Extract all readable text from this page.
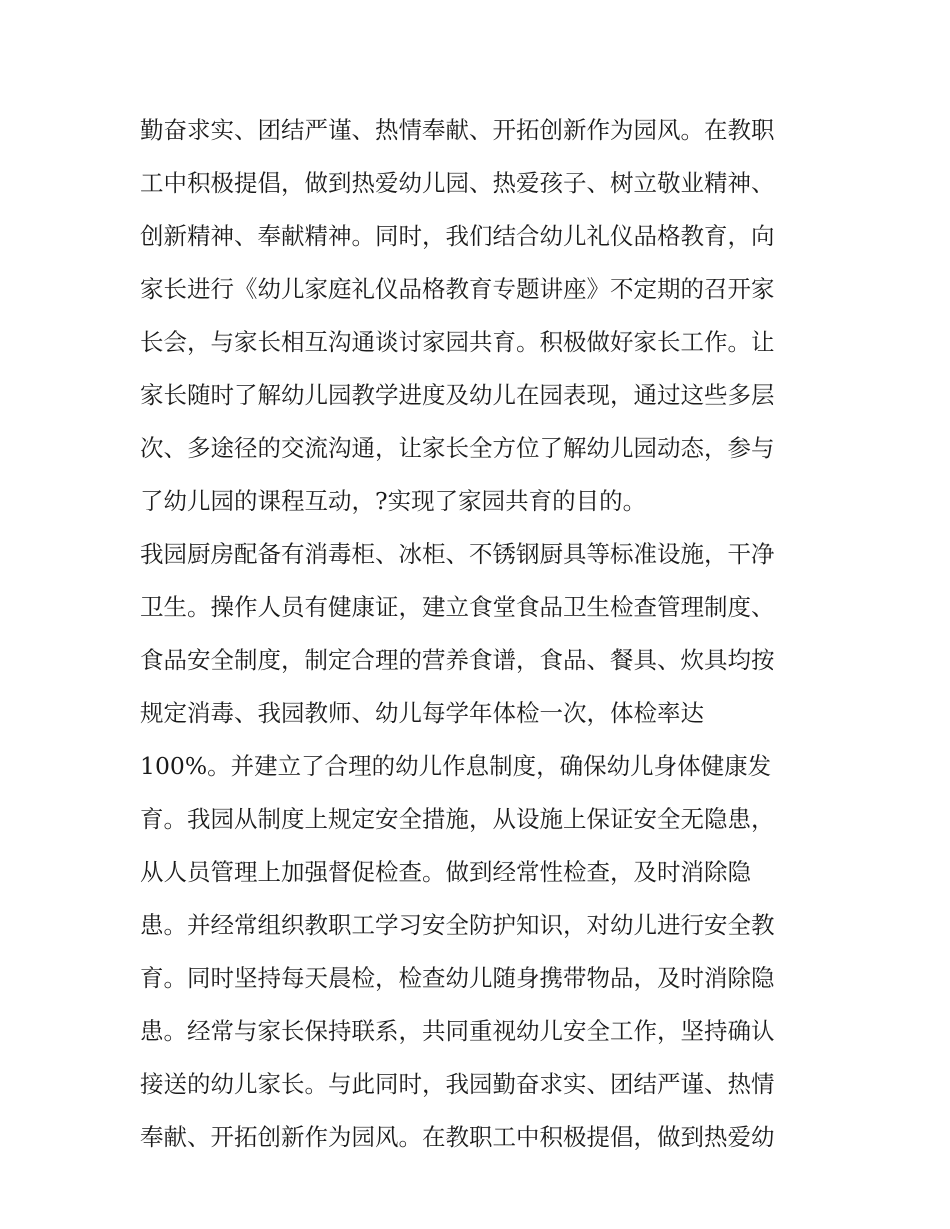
勤奋求实、团结严谨、热情奉献、开拓创新作为园风。在教职
工中积极提倡，做到热爱幼儿园、热爱孩子、树立敬业精神、
创新精神、奉献精神。同时，我们结合幼儿礼仪品格教育，向
家长进行《幼儿家庭礼仪品格教育专题讲座》不定期的召开家
长会，与家长相互沟通谈讨家园共育。积极做好家长工作。让
家长随时了解幼儿园教学进度及幼儿在园表现，通过这些多层
次、多途径的交流沟通，让家长全方位了解幼儿园动态，参与
了幼儿园的课程互动，?实现了家园共育的目的。
我园厨房配备有消毒柜、冰柜、不锈钢厨具等标准设施，干净
卫生。操作人员有健康证，建立食堂食品卫生检查管理制度、
食品安全制度，制定合理的营养食谱，食品、餐具、炊具均按
规定消毒、我园教师、幼儿每学年体检一次，体检率达
100%。并建立了合理的幼儿作息制度，确保幼儿身体健康发
育。我园从制度上规定安全措施，从设施上保证安全无隐患，
从人员管理上加强督促检查。做到经常性检查，及时消除隐
患。并经常组织教职工学习安全防护知识，对幼儿进行安全教
育。同时坚持每天晨检，检查幼儿随身携带物品，及时消除隐
患。经常与家长保持联系，共同重视幼儿安全工作，坚持确认
接送的幼儿家长。与此同时，我园勤奋求实、团结严谨、热情
奉献、开拓创新作为园风。在教职工中积极提倡，做到热爱幼
